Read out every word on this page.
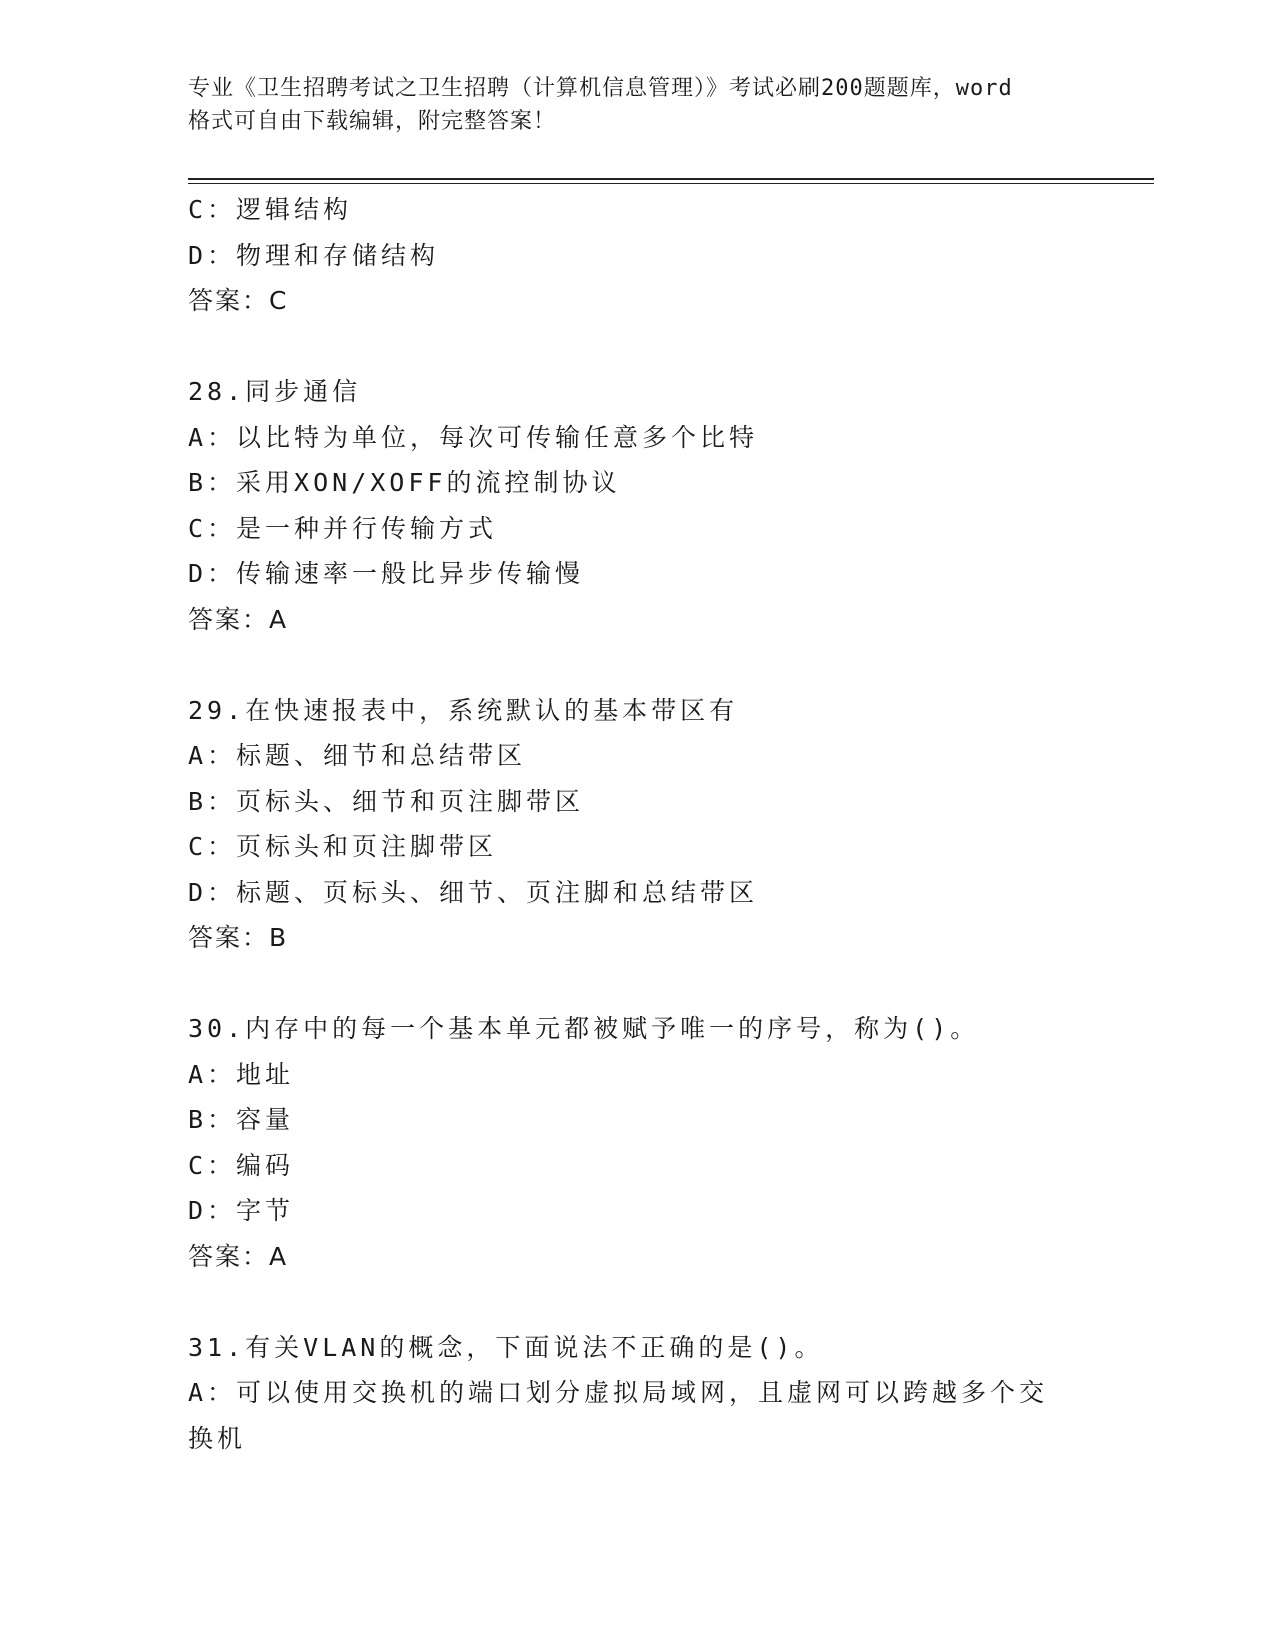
专业《卫生招聘考试之卫生招聘（计算机信息管理）》考试必刷200题题库，word
格式可自由下载编辑，附完整答案！
C：逻辑结构
D：物理和存储结构
答案：C
28.同步通信
A：以比特为单位，每次可传输任意多个比特
B：采用XON/XOFF的流控制协议
C：是一种并行传输方式
D：传输速率一般比异步传输慢
答案：A
29.在快速报表中，系统默认的基本带区有
A：标题、细节和总结带区
B：页标头、细节和页注脚带区
C：页标头和页注脚带区
D：标题、页标头、细节、页注脚和总结带区
答案：B
30.内存中的每一个基本单元都被赋予唯一的序号，称为()。
A：地址
B：容量
C：编码
D：字节
答案：A
31.有关VLAN的概念，下面说法不正确的是()。
A：可以使用交换机的端口划分虚拟局域网，且虚网可以跨越多个交换机
